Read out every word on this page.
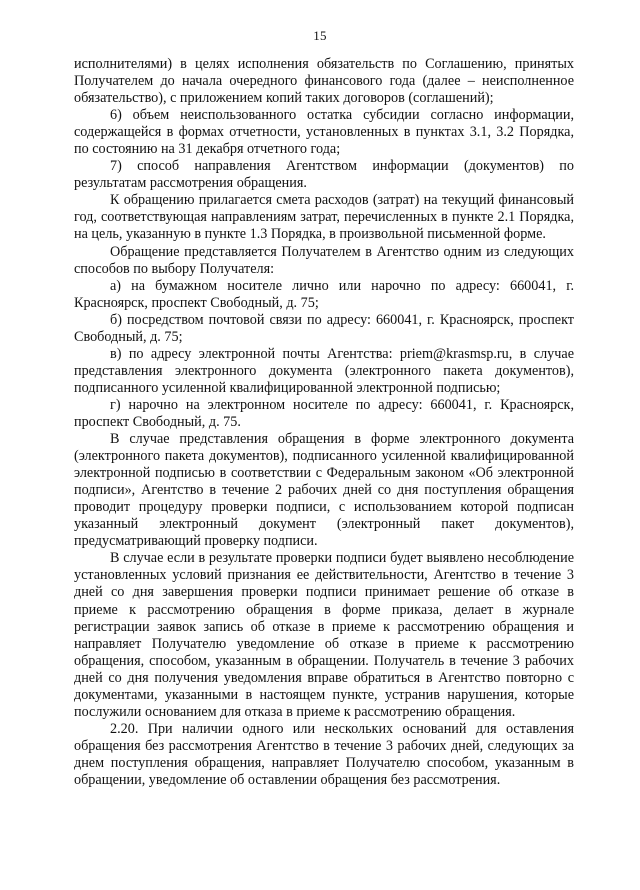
15

исполнителями) в целях исполнения обязательств по Соглашению, принятых Получателем до начала очередного финансового года (далее – неисполненное обязательство), с приложением копий таких договоров (соглашений);

6) объем неиспользованного остатка субсидии согласно информации, содержащейся в формах отчетности, установленных в пунктах 3.1, 3.2 Порядка, по состоянию на 31 декабря отчетного года;

7) способ направления Агентством информации (документов) по результатам рассмотрения обращения.

К обращению прилагается смета расходов (затрат) на текущий финансовый год, соответствующая направлениям затрат, перечисленных в пункте 2.1 Порядка, на цель, указанную в пункте 1.3 Порядка, в произвольной письменной форме.

Обращение представляется Получателем в Агентство одним из следующих способов по выбору Получателя:

а) на бумажном носителе лично или нарочно по адресу: 660041, г. Красноярск, проспект Свободный, д. 75;

б) посредством почтовой связи по адресу: 660041, г. Красноярск, проспект Свободный, д. 75;

в) по адресу электронной почты Агентства: priem@krasmsp.ru, в случае представления электронного документа (электронного пакета документов), подписанного усиленной квалифицированной электронной подписью;

г) нарочно на электронном носителе по адресу: 660041, г. Красноярск, проспект Свободный, д. 75.

В случае представления обращения в форме электронного документа (электронного пакета документов), подписанного усиленной квалифицированной электронной подписью в соответствии с Федеральным законом «Об электронной подписи», Агентство в течение 2 рабочих дней со дня поступления обращения проводит процедуру проверки подписи, с использованием которой подписан указанный электронный документ (электронный пакет документов), предусматривающий проверку подписи.

В случае если в результате проверки подписи будет выявлено несоблюдение установленных условий признания ее действительности, Агентство в течение 3 дней со дня завершения проверки подписи принимает решение об отказе в приеме к рассмотрению обращения в форме приказа, делает в журнале регистрации заявок запись об отказе в приеме к рассмотрению обращения и направляет Получателю уведомление об отказе в приеме к рассмотрению обращения, способом, указанным в обращении. Получатель в течение 3 рабочих дней со дня получения уведомления вправе обратиться в Агентство повторно с документами, указанными в настоящем пункте, устранив нарушения, которые послужили основанием для отказа в приеме к рассмотрению обращения.

2.20. При наличии одного или нескольких оснований для оставления обращения без рассмотрения Агентство в течение 3 рабочих дней, следующих за днем поступления обращения, направляет Получателю способом, указанным в обращении, уведомление об оставлении обращения без рассмотрения.
